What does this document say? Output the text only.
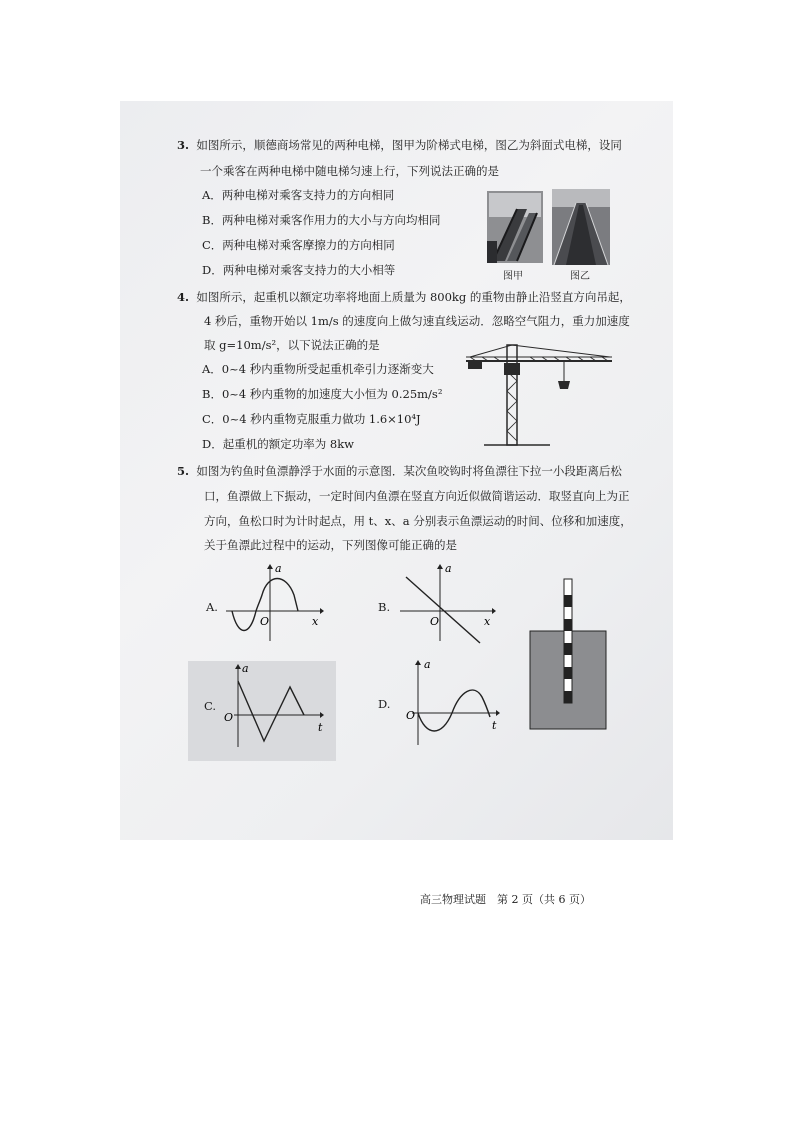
3. 如图所示，顺德商场常见的两种电梯，图甲为阶梯式电梯，图乙为斜面式电梯，设同
一个乘客在两种电梯中随电梯匀速上行，下列说法正确的是
A．两种电梯对乘客支持力的方向相同
B．两种电梯对乘客作用力的大小与方向均相同
C．两种电梯对乘客摩擦力的方向相同
D．两种电梯对乘客支持力的大小相等	图甲	图乙
4. 如图所示，起重机以额定功率将地面上质量为 800kg 的重物由静止沿竖直方向吊起，
4 秒后，重物开始以 1m/s 的速度向上做匀速直线运动．忽略空气阻力，重力加速度
取 g=10m/s²，以下说法正确的是
A．0~4 秒内重物所受起重机牵引力逐渐变大
B．0~4 秒内重物的加速度大小恒为 0.25m/s²
C．0~4 秒内重物克服重力做功 1.6×10⁴J
D．起重机的额定功率为 8kw
5. 如图为钓鱼时鱼漂静浮于水面的示意图．某次鱼咬钩时将鱼漂往下拉一小段距离后松
口，鱼漂做上下振动，一定时间内鱼漂在竖直方向近似做简谐运动．取竖直向上为正
方向，鱼松口时为计时起点，用 t、x、a 分别表示鱼漂运动的时间、位移和加速度，
关于鱼漂此过程中的运动，下列图像可能正确的是
A.
a
O	x
B.
a
O	x
C.
a
O
t
D.
a
O
t
高三物理试题　第 2 页（共 6 页）
